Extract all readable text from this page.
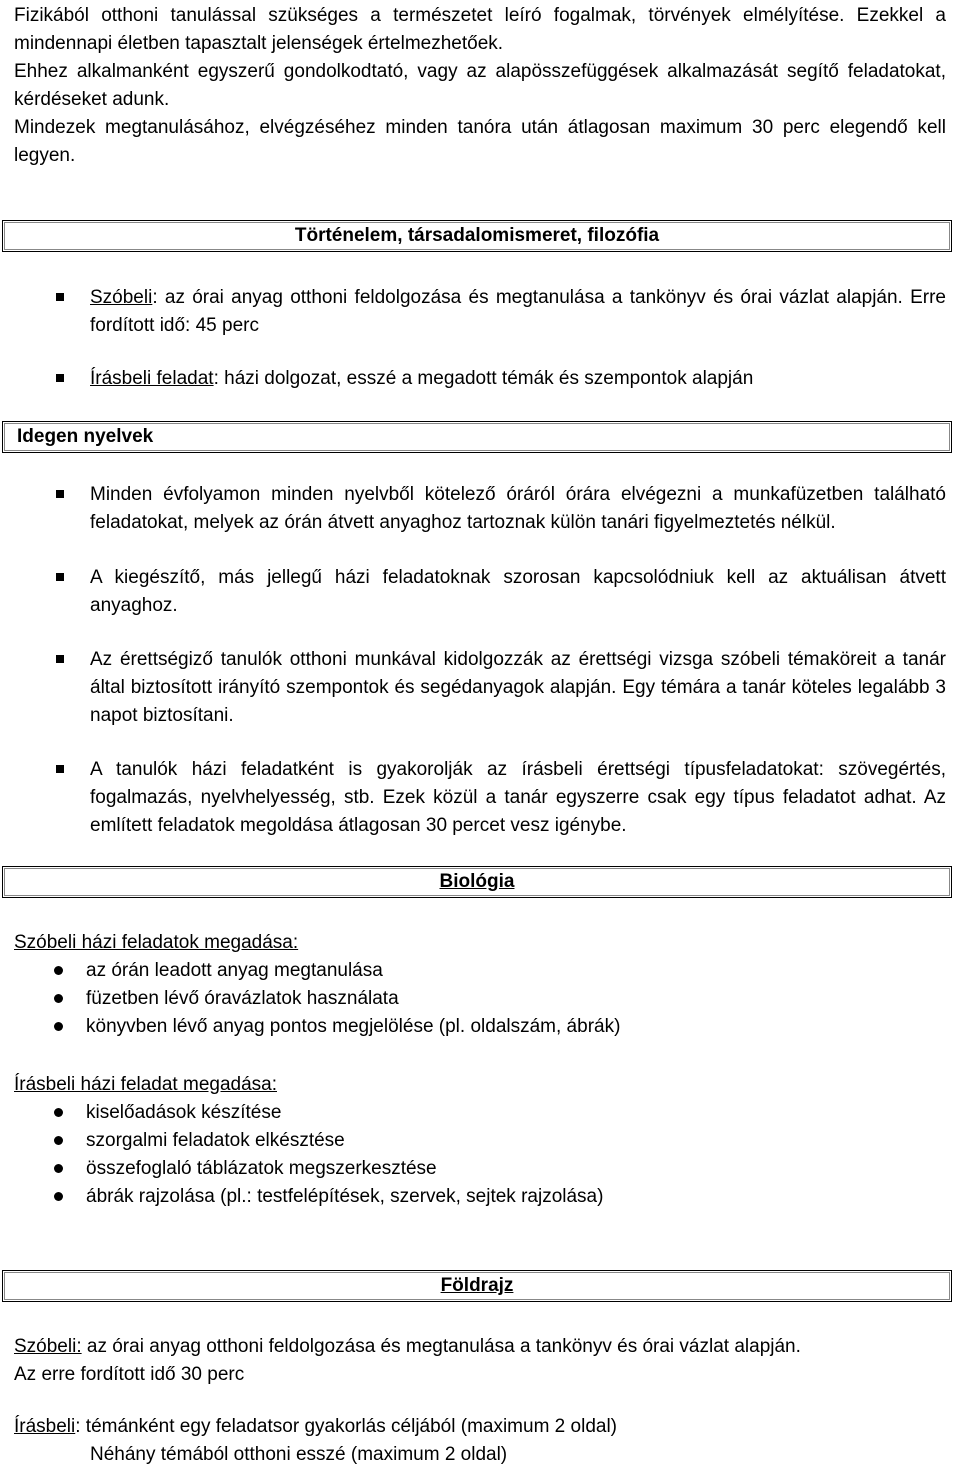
Fizikából otthoni tanulással szükséges a természetet leíró fogalmak, törvények elmélyítése. Ezekkel a mindennapi életben tapasztalt jelenségek értelmezhetőek.

Ehhez alkalmanként egyszerű gondolkodtató, vagy az alapösszefüggések alkalmazását segítő feladatokat, kérdéseket adunk.

Mindezek megtanulásához, elvégzéséhez minden tanóra után átlagosan maximum 30 perc elegendő kell legyen.

Történelem, társadalomismeret, filozófia

Szóbeli: az órai anyag otthoni feldolgozása és megtanulása a tankönyv és órai vázlat alapján. Erre fordított idő: 45 perc

Írásbeli feladat: házi dolgozat, esszé a megadott témák és szempontok alapján

Idegen nyelvek

Minden évfolyamon minden nyelvből kötelező óráról órára elvégezni a munkafüzetben található feladatokat, melyek az órán átvett anyaghoz tartoznak külön tanári figyelmeztetés nélkül.

A kiegészítő, más jellegű házi feladatoknak szorosan kapcsolódniuk kell az aktuálisan átvett anyaghoz.

Az érettségiző tanulók otthoni munkával kidolgozzák az érettségi vizsga szóbeli témaköreit a tanár által biztosított irányító szempontok és segédanyagok alapján. Egy témára a tanár köteles legalább 3 napot biztosítani.

A tanulók házi feladatként is gyakorolják az írásbeli érettségi típusfeladatokat: szövegértés, fogalmazás, nyelvhelyesség, stb. Ezek közül a tanár egyszerre csak egy típus feladatot adhat. Az említett feladatok megoldása átlagosan 30 percet vesz igénybe.

Biológia

Szóbeli házi feladatok megadása:

az órán leadott anyag megtanulása
füzetben lévő óravázlatok használata
könyvben lévő anyag pontos megjelölése (pl. oldalszám, ábrák)

Írásbeli házi feladat megadása:

kiselőadások készítése
szorgalmi feladatok elkésztése
összefoglaló táblázatok megszerkesztése
ábrák rajzolása (pl.: testfelépítések, szervek, sejtek rajzolása)
Földrajz

Szóbeli: az órai anyag otthoni feldolgozása és megtanulása a tankönyv és órai vázlat alapján.

Az erre fordított idő 30 perc

Írásbeli: témánként egy feladatsor gyakorlás céljából (maximum 2 oldal)

Néhány témából otthoni esszé (maximum 2 oldal)
